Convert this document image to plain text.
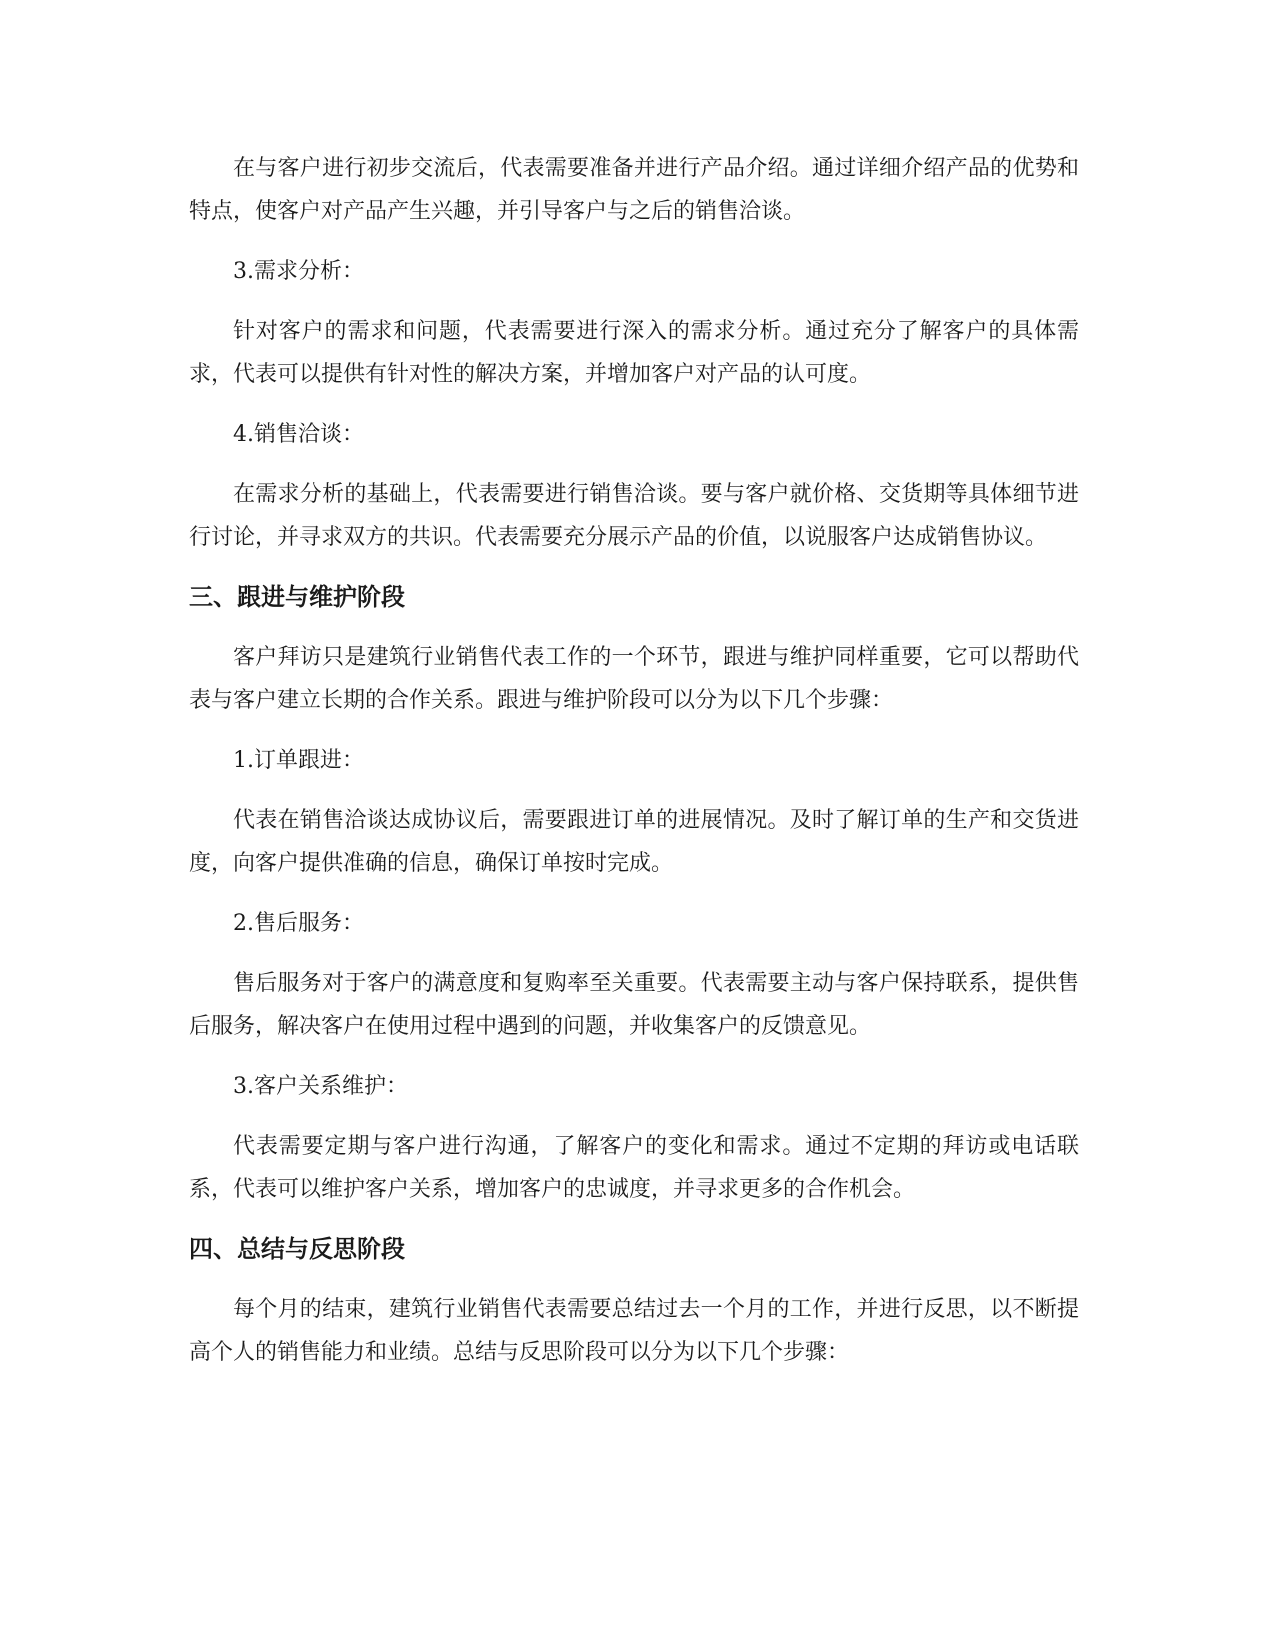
在与客户进行初步交流后，代表需要准备并进行产品介绍。通过详细介绍产品的优势和特点，使客户对产品产生兴趣，并引导客户与之后的销售洽谈。

3.需求分析：

针对客户的需求和问题，代表需要进行深入的需求分析。通过充分了解客户的具体需求，代表可以提供有针对性的解决方案，并增加客户对产品的认可度。

4.销售洽谈：

在需求分析的基础上，代表需要进行销售洽谈。要与客户就价格、交货期等具体细节进行讨论，并寻求双方的共识。代表需要充分展示产品的价值，以说服客户达成销售协议。

三、跟进与维护阶段

客户拜访只是建筑行业销售代表工作的一个环节，跟进与维护同样重要，它可以帮助代表与客户建立长期的合作关系。跟进与维护阶段可以分为以下几个步骤：

1.订单跟进：

代表在销售洽谈达成协议后，需要跟进订单的进展情况。及时了解订单的生产和交货进度，向客户提供准确的信息，确保订单按时完成。

2.售后服务：

售后服务对于客户的满意度和复购率至关重要。代表需要主动与客户保持联系，提供售后服务，解决客户在使用过程中遇到的问题，并收集客户的反馈意见。

3.客户关系维护：

代表需要定期与客户进行沟通，了解客户的变化和需求。通过不定期的拜访或电话联系，代表可以维护客户关系，增加客户的忠诚度，并寻求更多的合作机会。

四、总结与反思阶段

每个月的结束，建筑行业销售代表需要总结过去一个月的工作，并进行反思，以不断提高个人的销售能力和业绩。总结与反思阶段可以分为以下几个步骤：
